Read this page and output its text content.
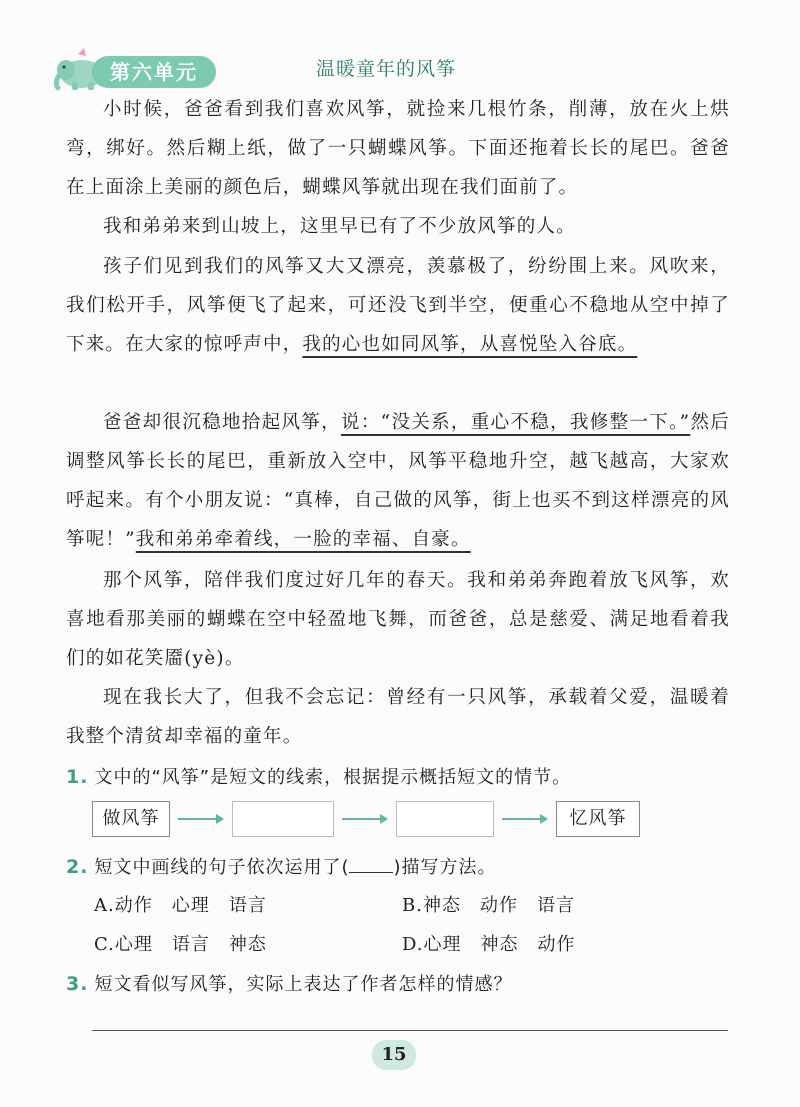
第六单元	温暖童年的风筝
小时候，爸爸看到我们喜欢风筝，就捡来几根竹条，削薄，放在火上烘弯，绑好。然后糊上纸，做了一只蝴蝶风筝。下面还拖着长长的尾巴。爸爸在上面涂上美丽的颜色后，蝴蝶风筝就出现在我们面前了。
我和弟弟来到山坡上，这里早已有了不少放风筝的人。
孩子们见到我们的风筝又大又漂亮，羡慕极了，纷纷围上来。风吹来，我们松开手，风筝便飞了起来，可还没飞到半空，便重心不稳地从空中掉了下来。在大家的惊呼声中，我的心也如同风筝，从喜悦坠入谷底。
爸爸却很沉稳地拾起风筝，说：“没关系，重心不稳，我修整一下。”然后调整风筝长长的尾巴，重新放入空中，风筝平稳地升空，越飞越高，大家欢呼起来。有个小朋友说：“真棒，自己做的风筝，街上也买不到这样漂亮的风筝呢！”我和弟弟牵着线，一脸的幸福、自豪。
那个风筝，陪伴我们度过好几年的春天。我和弟弟奔跑着放飞风筝，欢喜地看那美丽的蝴蝶在空中轻盈地飞舞，而爸爸，总是慈爱、满足地看着我们的如花笑靥(yè)。
现在我长大了，但我不会忘记：曾经有一只风筝，承载着父爱，温暖着我整个清贫却幸福的童年。
1. 文中的“风筝”是短文的线索，根据提示概括短文的情节。
做风筝	忆风筝
2. 短文中画线的句子依次运用了( )描写方法。
A.动作　心理　语言	B.神态　动作　语言
C.心理　语言　神态	D.心理　神态　动作
3. 短文看似写风筝，实际上表达了作者怎样的情感？
15
